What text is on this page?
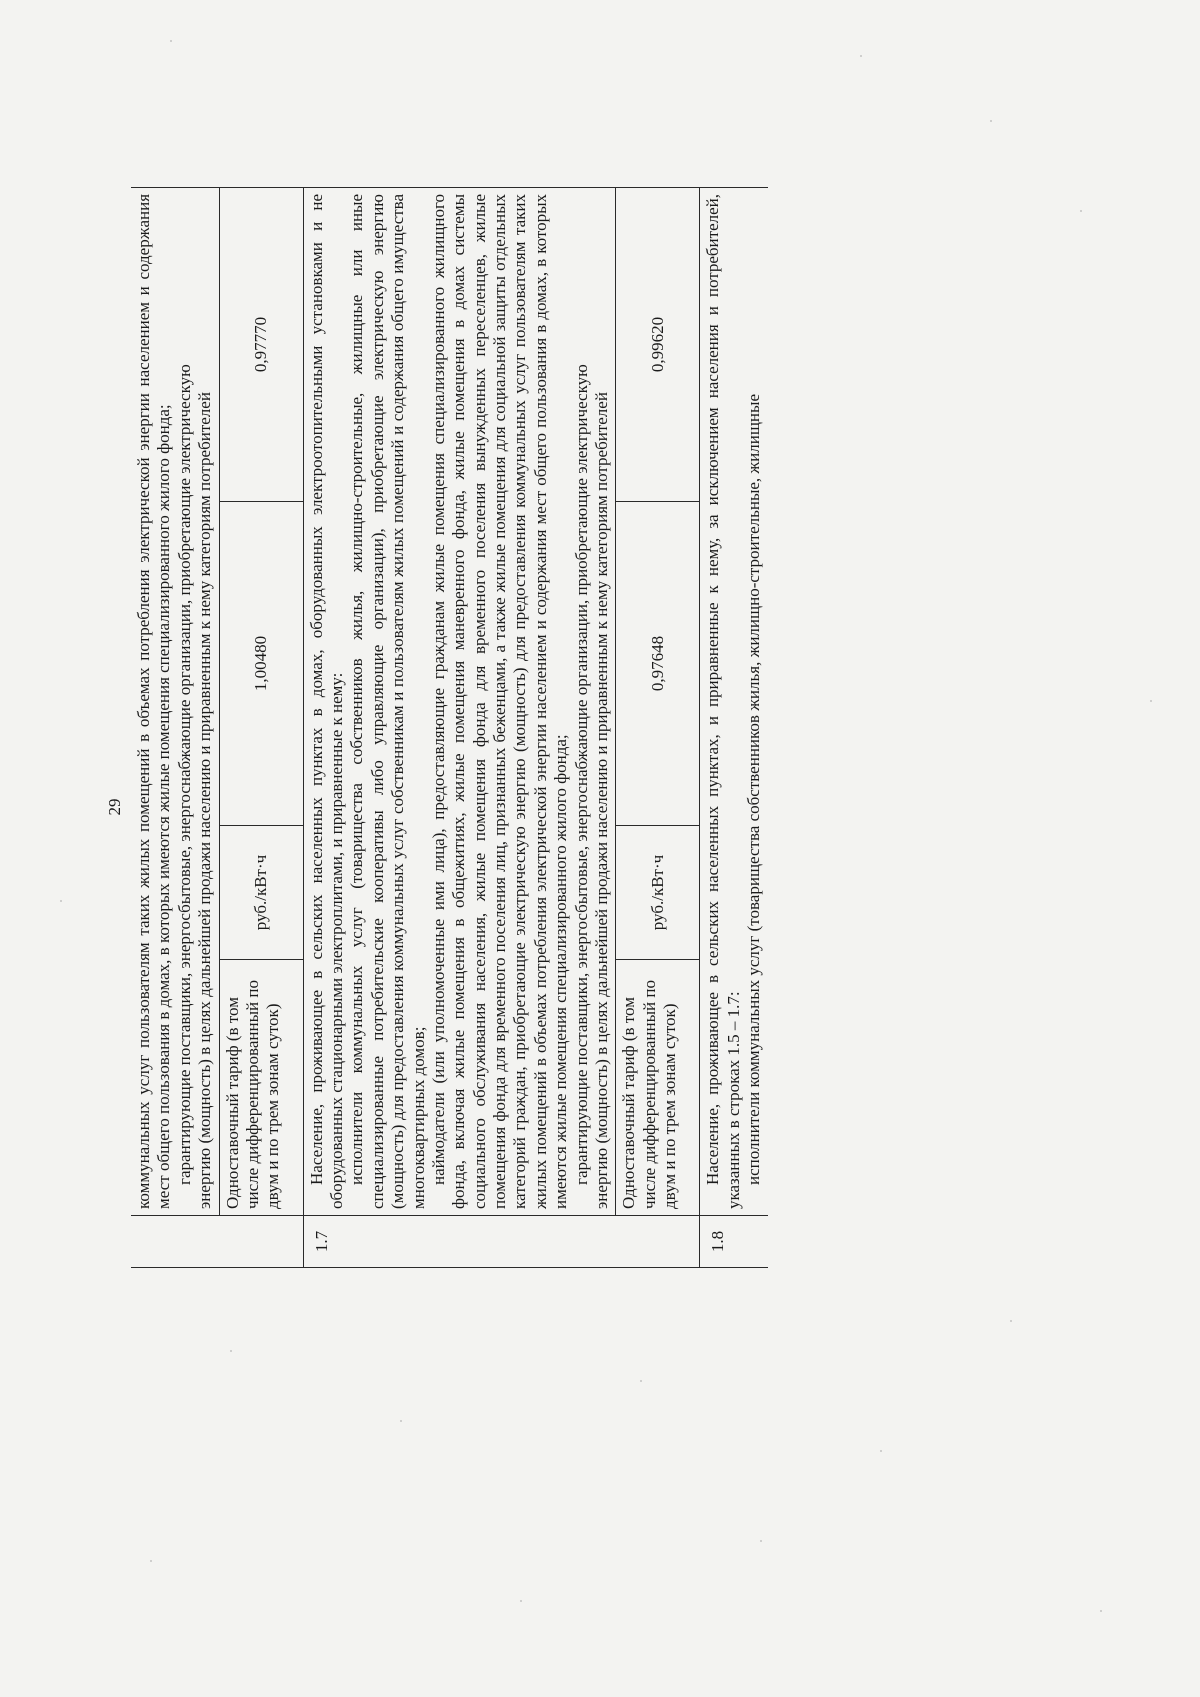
29

	коммунальных услуг пользователям таких жилых помещений в объемах потребления электрической энергии населением и содержания мест общего пользования в домах, в которых имеются жилые помещения специализированного жилого фонда; гарантирующие поставщики, энергосбытовые, энергоснабжающие организации, приобретающие электрическую энергию (мощность) в целях дальнейшей продажи населению и приравненным к нему категориям потребителей			

	Одноставочный тариф (в том числе дифференцированный по двум и по трем зонам суток)	руб./кВт·ч	1,00480	0,97770
1.7	Население, проживающее в сельских населенных пунктах в домах, оборудованных электроотопительными установками и не оборудованных стационарными электроплитами, и приравненные к нему: исполнители коммунальных услуг (товарищества собственников жилья, жилищно-строительные, жилищные или иные специализированные потребительские кооперативы либо управляющие организации), приобретающие электрическую энергию (мощность) для предоставления коммунальных услуг собственникам и пользователям жилых помещений и содержания общего имущества многоквартирных домов; наймодатели (или уполномоченные ими лица), предоставляющие гражданам жилые помещения специализированного жилищного фонда, включая жилые помещения в общежитиях, жилые помещения маневренного фонда, жилые помещения в домах системы социального обслуживания населения, жилые помещения фонда для временного поселения вынужденных переселенцев, жилые помещения фонда для временного поселения лиц, признанных беженцами, а также жилые помещения для социальной защиты отдельных категорий граждан, приобретающие электрическую энергию (мощность) для предоставления коммунальных услуг пользователям таких жилых помещений в объемах потребления электрической энергии населением и содержания мест общего пользования в домах, в которых имеются жилые помещения специализированного жилого фонда; гарантирующие поставщики, энергосбытовые, энергоснабжающие организации, приобретающие электрическую энергию (мощность) в целях дальнейшей продажи населению и приравненным к нему категориям потребителей			

	Одноставочный тариф (в том числе дифференцированный по двум и по трем зонам суток)	руб./кВт·ч	0,97648	0,99620
1.8	Население, проживающее в сельских населенных пунктах, и приравненные к нему, за исключением населения и потребителей, указанных в строках 1.5 – 1.7: исполнители коммунальных услуг (товарищества собственников жилья, жилищно-строительные, жилищные			
